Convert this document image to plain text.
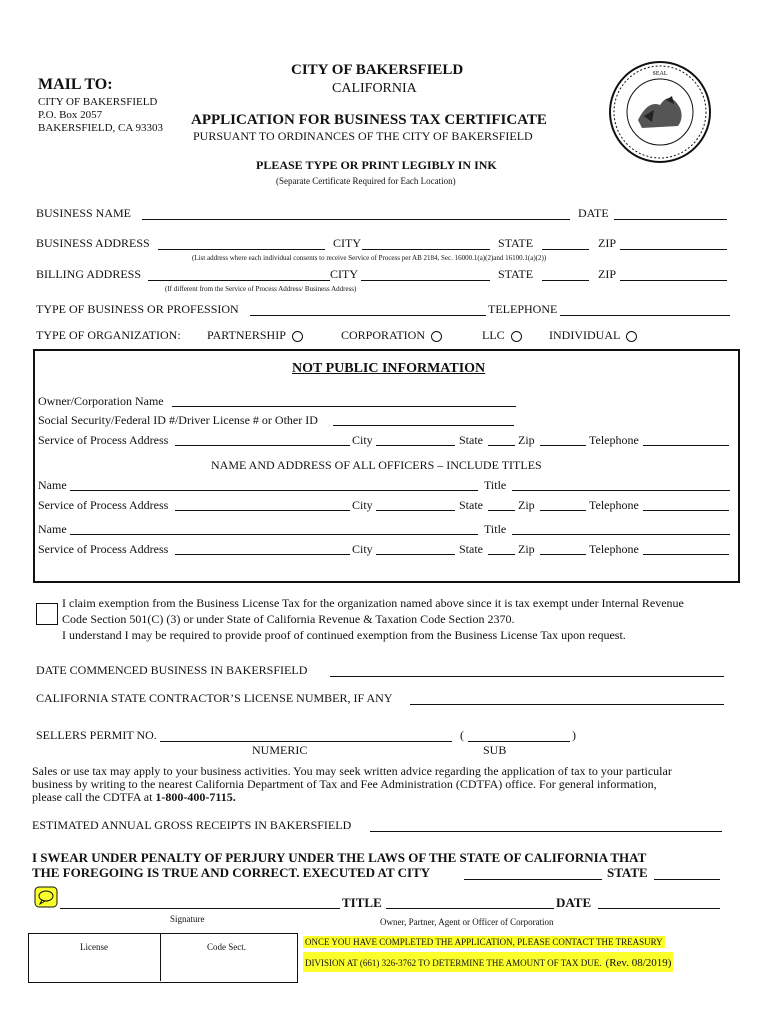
MAIL TO:
CITY OF BAKERSFIELD
P.O. Box 2057
BAKERSFIELD, CA 93303
CITY OF BAKERSFIELD
CALIFORNIA
APPLICATION FOR BUSINESS TAX CERTIFICATE
PURSUANT TO ORDINANCES OF THE CITY OF BAKERSFIELD
PLEASE TYPE OR PRINT LEGIBLY IN INK
(Separate Certificate Required for Each Location)
SEAL
BUSINESS NAME	DATE
BUSINESS ADDRESS	CITY	STATE	ZIP
(List address where each individual consents to receive Service of Process per AB 2184, Sec. 16000.1(a)(2)and 16100.1(a)(2))
BILLING ADDRESS	CITY	STATE	ZIP
(If different from the Service of Process Address/ Business Address)
TYPE OF BUSINESS OR PROFESSION	TELEPHONE
TYPE OF ORGANIZATION: PARTNERSHIP	CORPORATION	LLC	INDIVIDUAL
NOT PUBLIC INFORMATION
Owner/Corporation Name
Social Security/Federal ID #/Driver License # or Other ID
Service of Process Address	City	State	Zip	Telephone
NAME AND ADDRESS OF ALL OFFICERS – INCLUDE TITLES
Name	Title
Service of Process Address	City	State	Zip	Telephone
Name	Title
Service of Process Address	City	State	Zip	Telephone
I claim exemption from the Business License Tax for the organization named above since it is tax exempt under Internal Revenue
Code Section 501(C) (3) or under State of California Revenue & Taxation Code Section 2370.
I understand I may be required to provide proof of continued exemption from the Business License Tax upon request.
DATE COMMENCED BUSINESS IN BAKERSFIELD
CALIFORNIA STATE CONTRACTOR’S LICENSE NUMBER, IF ANY
SELLERS PERMIT NO.	(	)
NUMERIC	SUB
Sales or use tax may apply to your business activities. You may seek written advice regarding the application of tax to your particular
business by writing to the nearest California Department of Tax and Fee Administration (CDTFA) office. For general information,
please call the CDTFA at 1-800-400-7115.
ESTIMATED ANNUAL GROSS RECEIPTS IN BAKERSFIELD
I SWEAR UNDER PENALTY OF PERJURY UNDER THE LAWS OF THE STATE OF CALIFORNIA THAT
THE FOREGOING IS TRUE AND CORRECT. EXECUTED AT CITY	STATE
TITLE	DATE
Signature	Owner, Partner, Agent or Officer of Corporation
License	Code Sect.	ONCE YOU HAVE COMPLETED THE APPLICATION, PLEASE CONTACT THE TREASURY
DIVISION AT (661) 326-3762 TO DETERMINE THE AMOUNT OF TAX DUE. (Rev. 08/2019)
